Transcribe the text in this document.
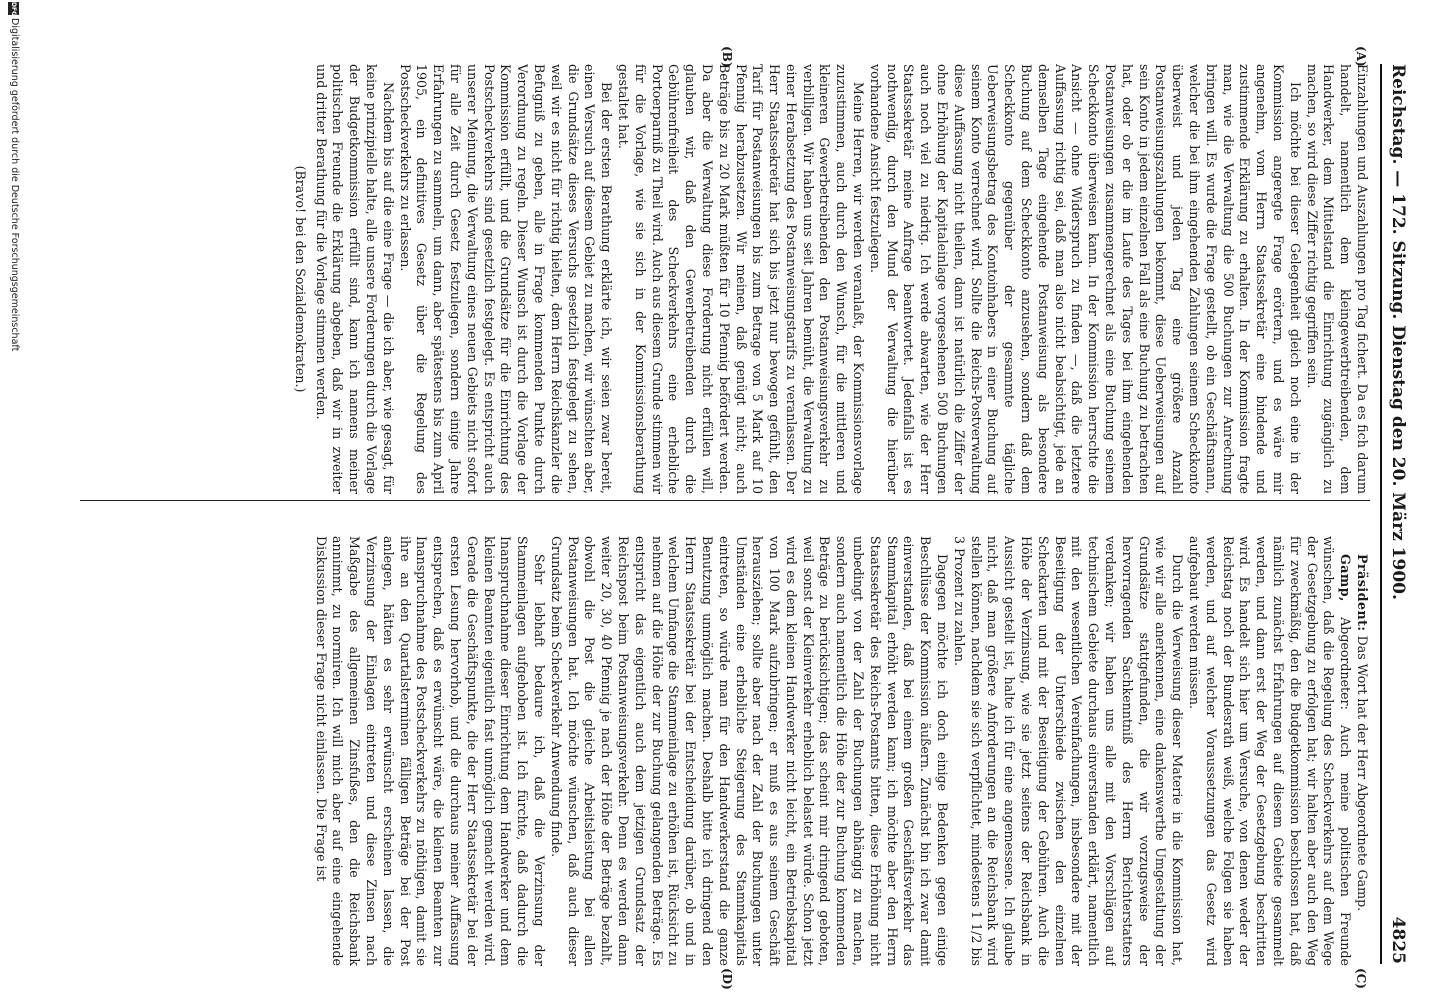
Reichstag. — 172. Sitzung. Dienstag den 20. März 1900.
4825
(A)
(B)
(C)
(D)

Einzahlungen und Auszahlungen pro Tag fichert. Da es fich darum handelt, namentlich dem kleingewerbtreibenden, dem Handwerker, dem Mittelstand die Einrichtung zugänglich zu machen, so wird diese Ziffer richtig gegriffen sein.

Ich möchte bei dieser Gelegenheit gleich noch eine in der Kommission angeregte Frage erörtern, und es wäre mir angenehm, vom Herrn Staatssekretär eine bindende und zustimmende Erklärung zu erhalten. In der Kommission fragte man, wie die Verwaltung die 500 Buchungen zur Anrechnung bringen will. Es wurde die Frage gestellt, ob ein Geschäftsmann, welcher die bei ihm eingehenden Zahlungen seinem Scheckkonto überweist und jeden Tag eine größere Anzahl Postanweisungszahlungen bekommt, diese Ueberweisungen auf sein Konto in jedem einzelnen Fall als eine Buchung zu betrachten hat, oder ob er die im Laufe des Tages bei ihm eingehenden Postanweisungen zusammengerechnet als eine Buchung seinem Scheckkonto überweisen kann. In der Kommission herrschte die Ansicht — ohne Widerspruch zu finden —, daß die letztere Auffassung richtig sei, daß man also nicht beabsichtigt, jede an demselben Tage eingehende Postanweisung als besondere Buchung auf dem Scheckkonto anzusehen, sondern daß dem Scheckkonto gegenüber der gesammte tägliche Ueberweisungsbetrag des Kontoinhabers in einer Buchung auf seinem Konto verrechnet wird. Sollte die Reichs-Postverwaltung diese Auffassung nicht theilen, dann ist natürlich die Ziffer der ohne Erhöhung der Kapitaleinlage vorgesehenen 500 Buchungen auch noch viel zu niedrig. Ich werde abwarten, wie der Herr Staatssekretär meine Anfrage beantwortet. Jedenfalls ist es nothwendig, durch den Mund der Verwaltung die hierüber vorhandene Ansicht festzulegen.

Meine Herren, wir werden veranlaßt, der Kommissionsvorlage zuzustimmen, auch durch den Wunsch, für die mittleren und kleineren Gewerbetreibenden den Postanweisungsverkehr zu verbilligen. Wir haben uns seit Jahren bemüht, die Verwaltung zu einer Herabsetzung des Postanweisungstarifs zu veranlassen. Der Herr Staatssekretär hat sich bis jetzt nur bewogen gefühlt, den Tarif für Postanweisungen bis zum Betrage von 5 Mark auf 10 Pfennig herabzusetzen. Wir meinen, daß genügt nicht; auch Beträge bis zu 20 Mark müßten für 10 Pfennig befördert werden. Da aber die Verwaltung diese Forderung nicht erfüllen will, glauben wir, daß den Gewerbetreibenden durch die Gebührenfreiheit des Scheckverkehrs eine erhebliche Portoerparniß zu Theil wird. Auch aus diesem Grunde stimmen wir für die Vorlage, wie sie sich in der Kommissionsberathung gestaltet hat.

Bei der ersten Berathung erklärte ich, wir seien zwar bereit, einen Versuch auf diesem Gebiet zu machen, wir wünschten aber, die Grundsätze dieses Versuchs gesetzlich festgelegt zu sehen, weil wir es nicht für richtig hielten, dem Herrn Reichskanzler die Befugniß zu geben, alle in Frage kommenden Punkte durch Verordnung zu regeln. Dieser Wunsch ist durch die Vorlage der Kommission erfüllt, und die Grundsätze für die Einrichtung des Postscheckverkehrs sind gesetzlich festgelegt. Es entspricht auch unserer Meinung, die Verwaltung eines neuen Gebiets nicht sofort für alle Zeit durch Gesetz festzulegen, sondern einige Jahre Erfahrungen zu sammeln, um dann, aber spätestens bis zum April 1905, ein definitives Gesetz über die Regelung des Postscheckverkehrs zu erlassen.

Nachdem bis auf die eine Frage — die ich aber, wie gesagt, für keine prinzipielle halte, alle unsere Forderungen durch die Vorlage der Budgetkommission erfüllt sind, kann ich namens meiner politischen Freunde die Erklärung abgeben, daß wir in zweiter und dritter Berathung für die Vorlage stimmen werden.

(Bravo! bei den Sozialdemokraten.)

Präsident: Das Wort hat der Herr Abgeordnete Gamp.

Gamp, Abgeordneter: Auch meine politischen Freunde wünschen, daß die Regelung des Scheckverkehrs auf dem Wege der Gesetzgebung zu erfolgen hat; wir halten aber auch den Weg für zweckmäßig, den die Budgetkommission beschlossen hat, daß nämlich zunächst Erfahrungen auf diesem Gebiete gesammelt werden, und dann erst der Weg der Gesetzgebung beschritten wird. Es handelt sich hier um Versuche, von denen weder der Reichstag noch der Bundesrath weiß, welche Folgen sie haben werden, und auf welcher Voraussetzungen das Gesetz wird aufgebaut werden müssen.

Durch die Verweisung dieser Materie in die Kommission hat, wie wir alle anerkennen, eine dankenswerthe Umgestaltung der Grundsätze stattgefunden, die wir vorzugsweise der hervorragenden Sachkenntniß des Herrn Berichterstatters verdanken; wir haben uns alle mit den Vorschlägen auf technischem Gebiete durchaus einverstanden erklärt, namentlich mit den wesentlichen Vereinfachungen, insbesondere mit der Beseitigung der Unterschiede zwischen den einzelnen Scheckarten und mit der Beseitigung der Gebühren. Auch die Höhe der Verzinsung, wie sie jetzt seitens der Reichsbank in Aussicht gestellt ist, halte ich für eine angemessene. Ich glaube nicht, daß man größere Anforderungen an die Reichsbank wird stellen können, nachdem sie sich verpflichtet, mindestens 1 1/2 bis 3 Prozent zu zahlen.

Dagegen möchte ich doch einige Bedenken gegen einige Beschlüsse der Kommission äußern. Zunächst bin ich zwar damit einverstanden, daß bei einem großen Geschäftsverkehr das Stammkapital erhöht werden kann; ich möchte aber den Herrn Staatssekretär des Reichs-Postamts bitten, diese Erhöhung nicht unbedingt von der Zahl der Buchungen abhängig zu machen, sondern auch namentlich die Höhe der zur Buchung kommenden Beträge zu berücksichtigen; das scheint mir dringend geboten, weil sonst der Kleinverkehr erheblich belastet würde. Schon jetzt wird es dem kleinen Handwerker nicht leicht, ein Betriebskapital von 100 Mark aufzubringen; er muß es aus seinem Geschäft herausziehen; sollte aber nach der Zahl der Buchungen unter Umständen eine erhebliche Steigerung des Stammkapitals eintreten, so würde man für den Handwerkerstand die ganze Benutzung unmöglich machen. Deshalb bitte ich dringend den Herrn Staatssekretär bei der Entscheidung darüber, ob und in welchem Umfange die Stammeinlage zu erhöhen ist, Rücksicht zu nehmen auf die Höhe der zur Buchung gelangenden Beträge. Es entspricht das eigentlich auch dem jetzigen Grundsatz der Reichspost beim Postanweisungsverkehr. Denn es werden dann weiter 20, 30, 40 Pfennig je nach der Höhe der Beträge bezahlt, obwohl die Post die gleiche Arbeitsleistung bei allen Postanweisungen hat. Ich möchte wünschen, daß auch dieser Grundsatz beim Scheckverkehr Anwendung finde.

Sehr lebhaft bedaure ich, daß die Verzinsung der Stammeinlagen aufgehoben ist. Ich fürchte, daß dadurch die Inanspruchnahme dieser Einrichtung dem Handwerker und dem kleinen Beamten eigentlich fast unmöglich gemacht werden wird. Gerade die Geschäftspunkte, die der Herr Staatssekretär bei der ersten Lesung hervorhob, und die durchaus meiner Auffassung entsprechen, daß es erwünscht wäre, die kleinen Beamten zur Inanspruchnahme des Postscheckverkehrs zu nöthigen, damit sie ihre an den Quartalsterminen fälligen Beträge bei der Post anlegen, hätten es sehr erwünscht erscheinen lassen, die Verzinsung der Einlagen eintreten und diese Zinsen nach Maßgabe des allgemeinen Zinsfußes, den die Reichsbank annimmt, zu normiren. Ich will mich aber auf eine eingehende Diskussion dieser Frage nicht einlassen. Die Frage ist

DFG
Digitalisierung gefördert durch die Deutsche Forschungsgemeinschaft
